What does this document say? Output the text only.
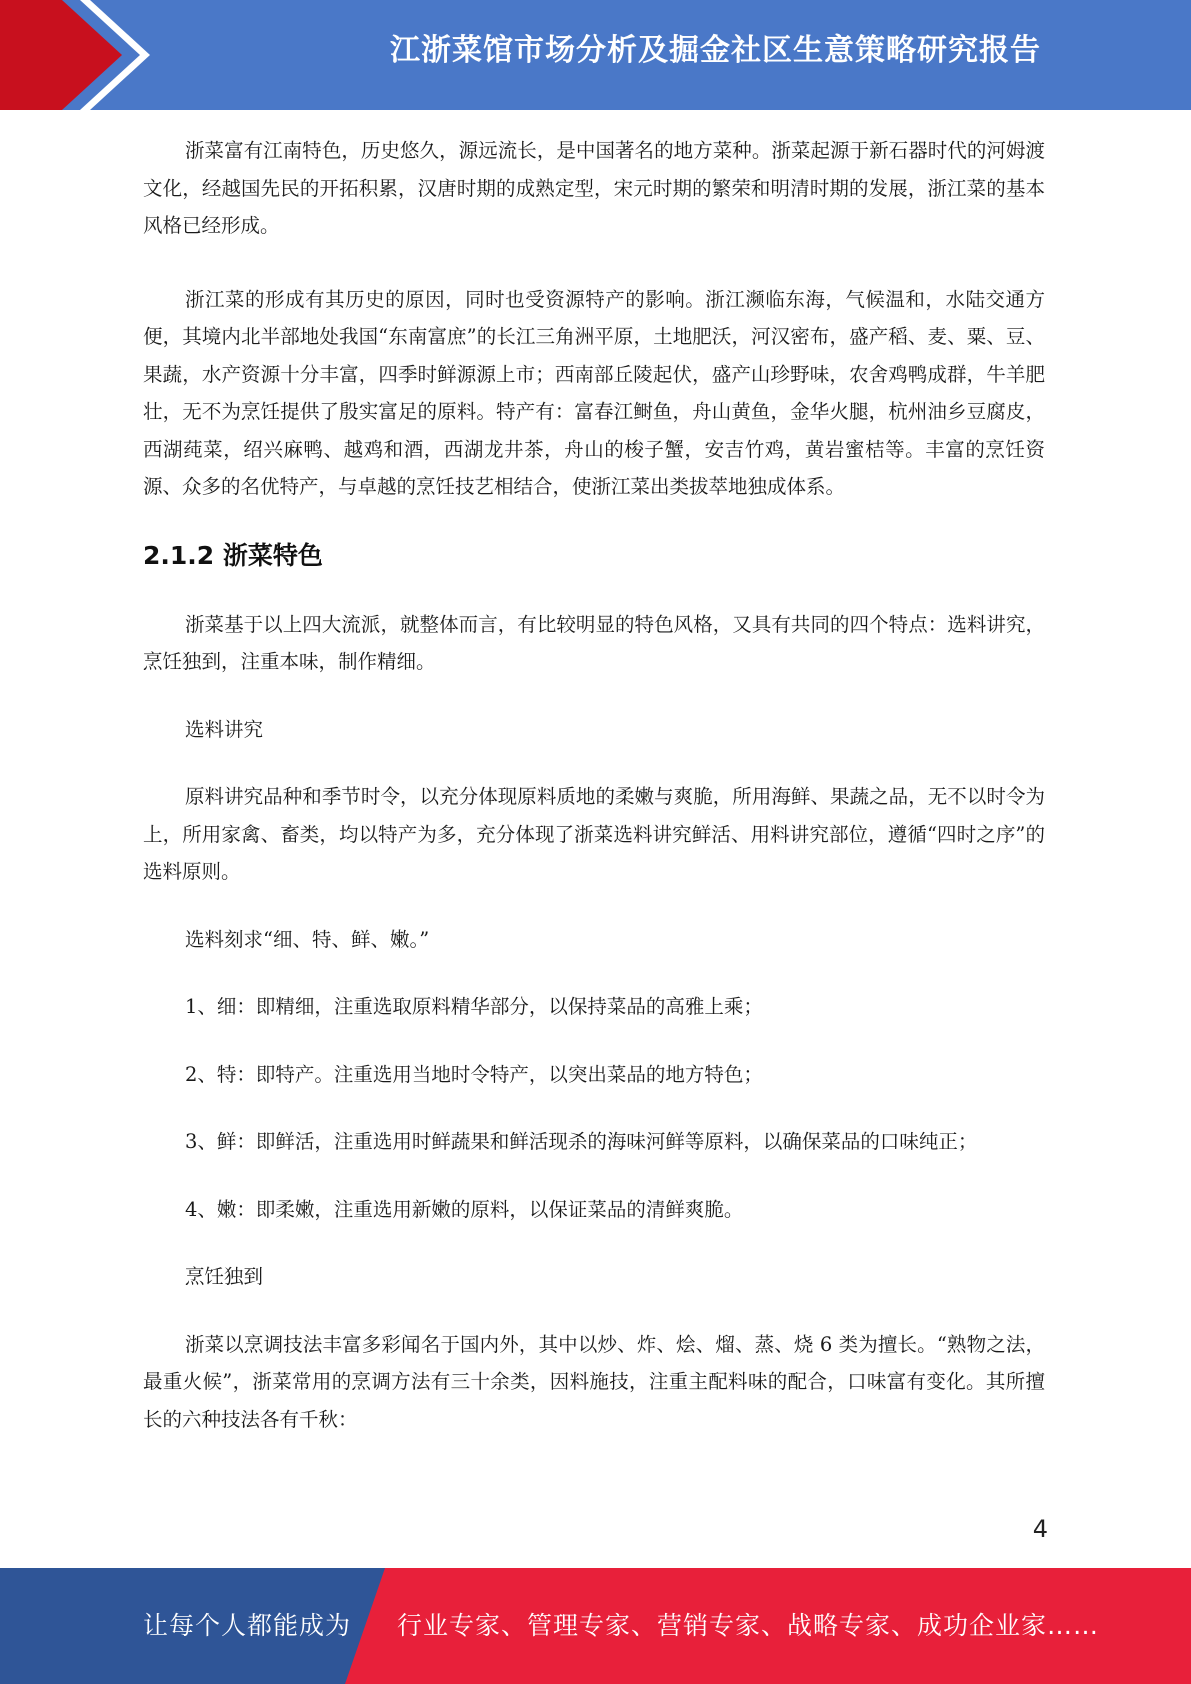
江浙菜馆市场分析及掘金社区生意策略研究报告

浙菜富有江南特色，历史悠久，源远流长，是中国著名的地方菜种。浙菜起源于新石器时代的河姆渡文化，经越国先民的开拓积累，汉唐时期的成熟定型，宋元时期的繁荣和明清时期的发展，浙江菜的基本风格已经形成。

浙江菜的形成有其历史的原因，同时也受资源特产的影响。浙江濒临东海，气候温和，水陆交通方便，其境内北半部地处我国“东南富庶”的长江三角洲平原，土地肥沃，河汉密布，盛产稻、麦、粟、豆、果蔬，水产资源十分丰富，四季时鲜源源上市；西南部丘陵起伏，盛产山珍野味，农舍鸡鸭成群，牛羊肥壮，无不为烹饪提供了殷实富足的原料。特产有：富春江鲥鱼，舟山黄鱼，金华火腿，杭州油乡豆腐皮，西湖莼菜，绍兴麻鸭、越鸡和酒，西湖龙井茶，舟山的梭子蟹，安吉竹鸡，黄岩蜜桔等。丰富的烹饪资源、众多的名优特产，与卓越的烹饪技艺相结合，使浙江菜出类拔萃地独成体系。

2.1.2 浙菜特色

浙菜基于以上四大流派，就整体而言，有比较明显的特色风格，又具有共同的四个特点：选料讲究，烹饪独到，注重本味，制作精细。

选料讲究

原料讲究品种和季节时令，以充分体现原料质地的柔嫩与爽脆，所用海鲜、果蔬之品，无不以时令为上，所用家禽、畜类，均以特产为多，充分体现了浙菜选料讲究鲜活、用料讲究部位，遵循“四时之序”的选料原则。

选料刻求“细、特、鲜、嫩。”

1、细：即精细，注重选取原料精华部分，以保持菜品的高雅上乘；

2、特：即特产。注重选用当地时令特产，以突出菜品的地方特色；

3、鲜：即鲜活，注重选用时鲜蔬果和鲜活现杀的海味河鲜等原料，以确保菜品的口味纯正；

4、嫩：即柔嫩，注重选用新嫩的原料，以保证菜品的清鲜爽脆。

烹饪独到

浙菜以烹调技法丰富多彩闻名于国内外，其中以炒、炸、烩、熘、蒸、烧 6 类为擅长。“熟物之法，最重火候”，浙菜常用的烹调方法有三十余类，因料施技，注重主配料味的配合，口味富有变化。其所擅长的六种技法各有千秋：

4
让每个人都能成为 行业专家、管理专家、营销专家、战略专家、成功企业家……
